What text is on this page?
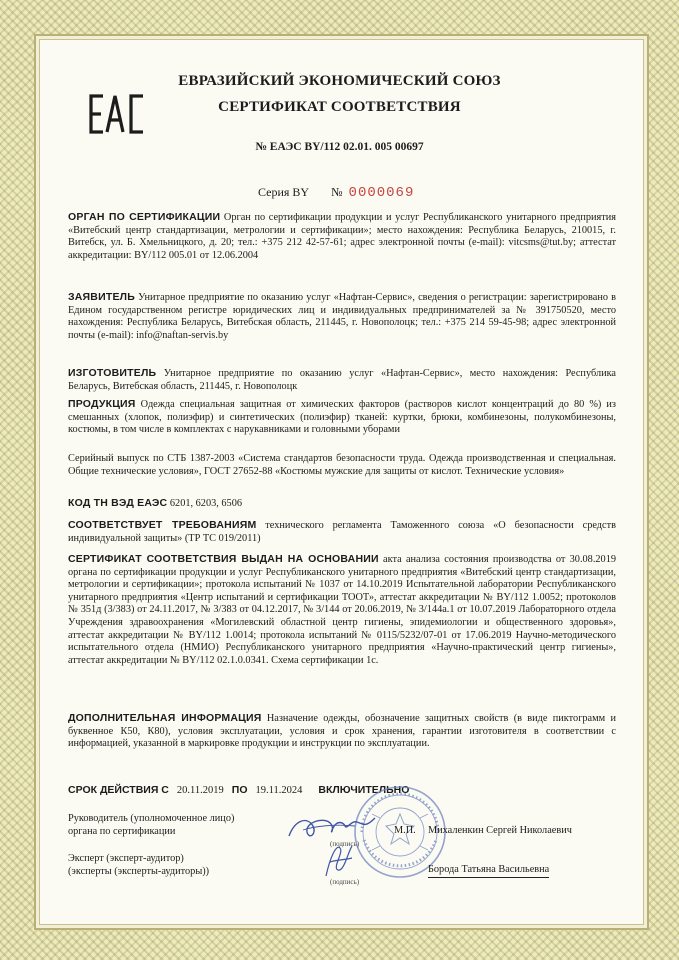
ЕВРАЗИЙСКИЙ ЭКОНОМИЧЕСКИЙ СОЮЗ
СЕРТИФИКАТ СООТВЕТСТВИЯ
№ ЕАЭС BY/112 02.01. 005 00697
Серия BY № 0000069
ОРГАН ПО СЕРТИФИКАЦИИ Орган по сертификации продукции и услуг Республиканского унитарного предприятия «Витебский центр стандартизации, метрологии и сертификации»; место нахождения: Республика Беларусь, 210015, г. Витебск, ул. Б. Хмельницкого, д. 20; тел.: +375 212 42-57-61; адрес электронной почты (e-mail): vitcsms@tut.by; аттестат аккредитации: BY/112 005.01 от 12.06.2004
ЗАЯВИТЕЛЬ Унитарное предприятие по оказанию услуг «Нафтан-Сервис», сведения о регистрации: зарегистрировано в Едином государственном регистре юридических лиц и индивидуальных предпринимателей за № 391750520, место нахождения: Республика Беларусь, Витебская область, 211445, г. Новополоцк; тел.: +375 214 59-45-98; адрес электронной почты (e-mail): info@naftan-servis.by
ИЗГОТОВИТЕЛЬ Унитарное предприятие по оказанию услуг «Нафтан-Сервис», место нахождения: Республика Беларусь, Витебская область, 211445, г. Новополоцк
ПРОДУКЦИЯ Одежда специальная защитная от химических факторов (растворов кислот концентраций до 80 %) из смешанных (хлопок, полиэфир) и синтетических (полиэфир) тканей: куртки, брюки, комбинезоны, полукомбинезоны, костюмы, в том числе в комплектах с нарукавниками и головными уборами
Серийный выпуск по СТБ 1387-2003 «Система стандартов безопасности труда. Одежда производственная и специальная. Общие технические условия», ГОСТ 27652-88 «Костюмы мужские для защиты от кислот. Технические условия»
КОД ТН ВЭД ЕАЭС 6201, 6203, 6506
СООТВЕТСТВУЕТ ТРЕБОВАНИЯМ технического регламента Таможенного союза «О безопасности средств индивидуальной защиты» (ТР ТС 019/2011)
СЕРТИФИКАТ СООТВЕТСТВИЯ ВЫДАН НА ОСНОВАНИИ акта анализа состояния производства от 30.08.2019 органа по сертификации продукции и услуг Республиканского унитарного предприятия «Витебский центр стандартизации, метрологии и сертификации»; протокола испытаний № 1037 от 14.10.2019 Испытательной лаборатории Республиканского унитарного предприятия «Центр испытаний и сертификации ТООТ», аттестат аккредитации № BY/112 1.0052; протоколов № 351д (3/383) от 24.11.2017, № 3/383 от 04.12.2017, № 3/144 от 20.06.2019, № 3/144а.1 от 10.07.2019 Лабораторного отдела Учреждения здравоохранения «Могилевский областной центр гигиены, эпидемиологии и общественного здоровья», аттестат аккредитации № BY/112 1.0014; протокола испытаний № 0115/5232/07-01 от 17.06.2019 Научно-методического испытательного отдела (НМИО) Республиканского унитарного предприятия «Научно-практический центр гигиены», аттестат аккредитации № BY/112 02.1.0.0341. Схема сертификации 1с.
ДОПОЛНИТЕЛЬНАЯ ИНФОРМАЦИЯ Назначение одежды, обозначение защитных свойств (в виде пиктограмм и буквенное К50, К80), условия эксплуатации, условия и срок хранения, гарантии изготовителя в соответствии с информацией, указанной в маркировке продукции и инструкции по эксплуатации.
СРОК ДЕЙСТВИЯ С 20.11.2019 ПО 19.11.2024 ВКЛЮЧИТЕЛЬНО
Руководитель (уполномоченное лицо)
органа по сертификации
(подпись)
М.П. Михаленкин Сергей Николаевич
Эксперт (эксперт-аудитор)
(эксперты (эксперты-аудиторы))
(подпись)
Борода Татьяна Васильевна
